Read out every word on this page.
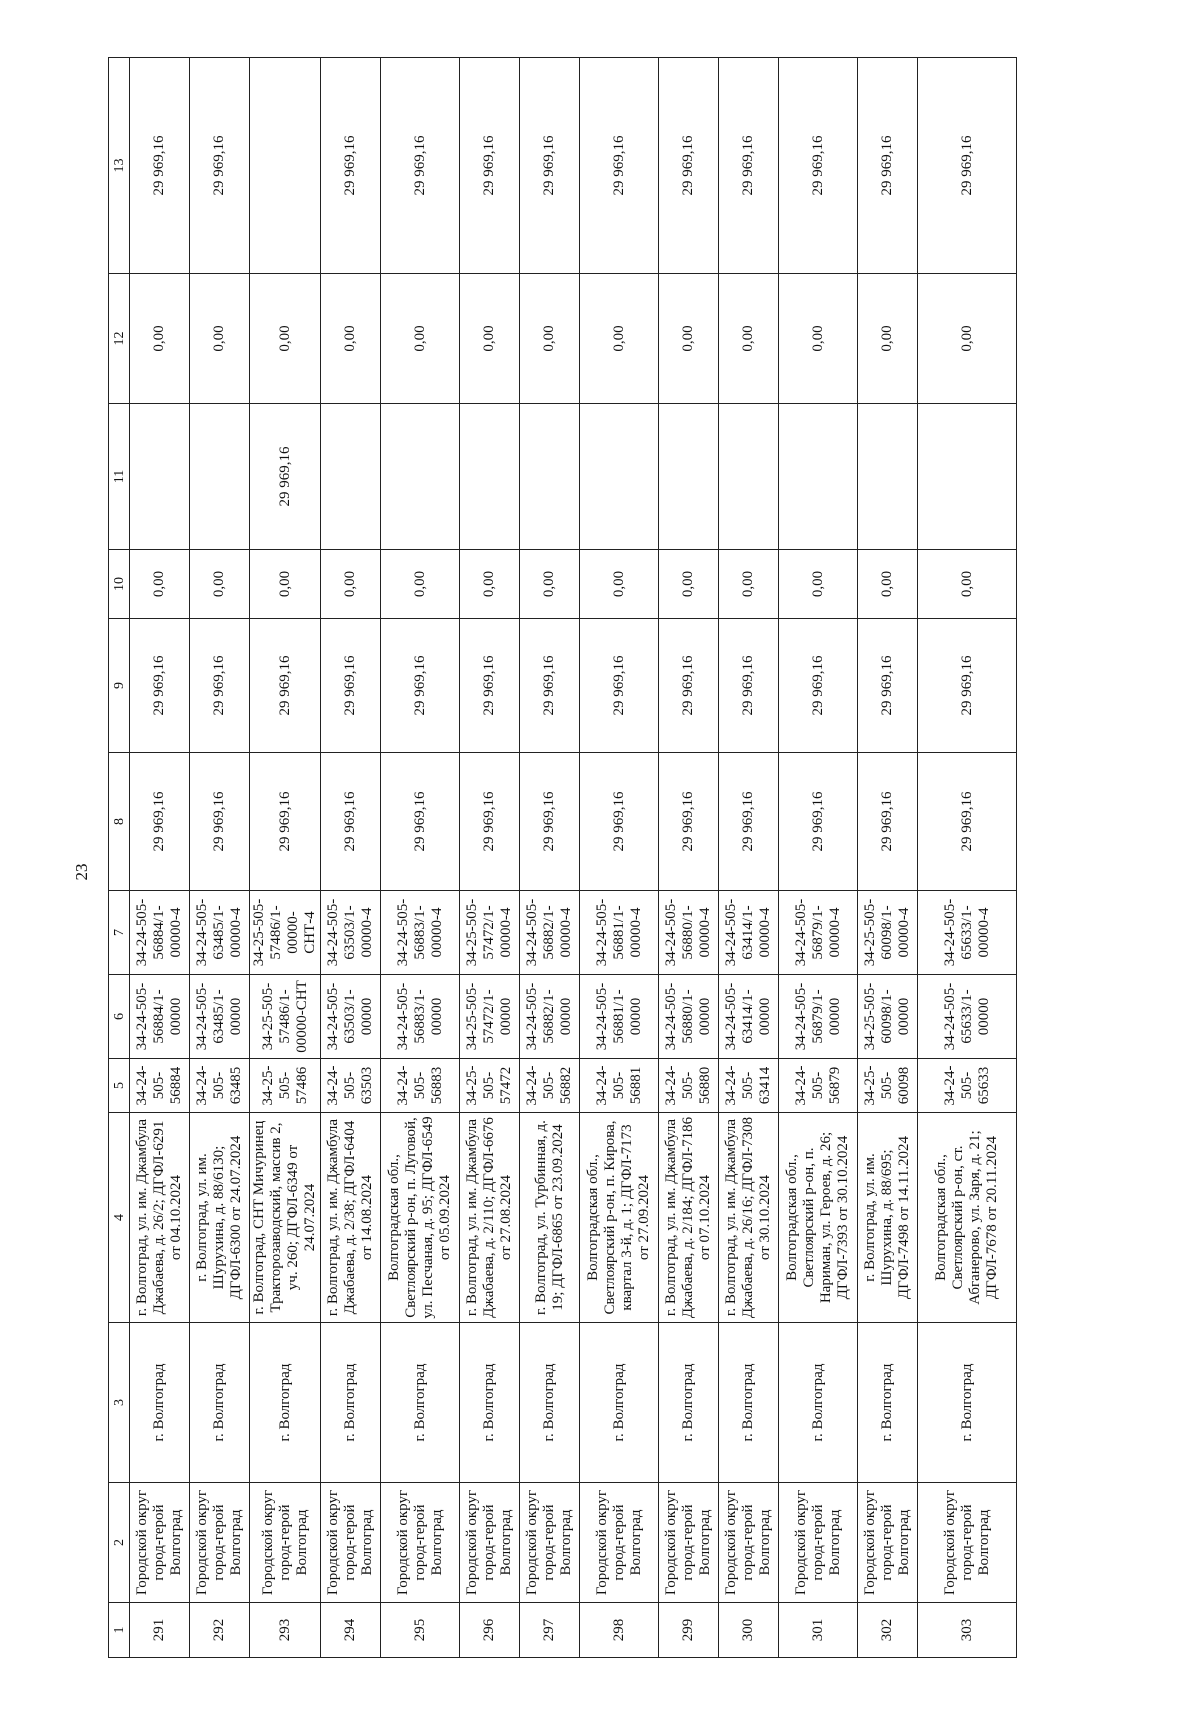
23
1	2	3	4	5	6	7	8	9	10	11	12	13
291	Городской округ город-герой Волгоград	г. Волгоград	г. Волгоград, ул. им. Джамбула Джабаева, д. 26/2; ДГФЛ-6291 от 04.10.2024	34-24-505-56884	34-24-505-56884/1-00000	34-24-505-56884/1-00000-4	29 969,16	29 969,16	0,00		0,00	29 969,16
292	Городской округ город-герой Волгоград	г. Волгоград	г. Волгоград, ул. им. Шурухина, д. 88/6130; ДГФЛ-6300 от 24.07.2024	34-24-505-63485	34-24-505-63485/1-00000	34-24-505-63485/1-00000-4	29 969,16	29 969,16	0,00		0,00	29 969,16
293	Городской округ город-герой Волгоград	г. Волгоград	г. Волгоград, СНТ Мичуринец Тракторозаводский, массив 2, уч. 260; ДГФЛ-6349 от 24.07.2024	34-25-505-57486	34-25-505-57486/1-00000-СНТ	34-25-505-57486/1-00000-СНТ-4	29 969,16	29 969,16	0,00	29 969,16	0,00	
294	Городской округ город-герой Волгоград	г. Волгоград	г. Волгоград, ул. им. Джамбула Джабаева, д. 2/38; ДГФЛ-6404 от 14.08.2024	34-24-505-63503	34-24-505-63503/1-00000	34-24-505-63503/1-00000-4	29 969,16	29 969,16	0,00		0,00	29 969,16
295	Городской округ город-герой Волгоград	г. Волгоград	Волгоградская обл., Светлоярский р-он, п. Луговой, ул. Песчаная, д. 95; ДГФЛ-6549 от 05.09.2024	34-24-505-56883	34-24-505-56883/1-00000	34-24-505-56883/1-00000-4	29 969,16	29 969,16	0,00		0,00	29 969,16
296	Городской округ город-герой Волгоград	г. Волгоград	г. Волгоград, ул. им. Джамбула Джабаева, д. 2/110; ДГФЛ-6676 от 27.08.2024	34-25-505-57472	34-25-505-57472/1-00000	34-25-505-57472/1-00000-4	29 969,16	29 969,16	0,00		0,00	29 969,16
297	Городской округ город-герой Волгоград	г. Волгоград	г. Волгоград, ул. Турбинная, д. 19; ДГФЛ-6865 от 23.09.2024	34-24-505-56882	34-24-505-56882/1-00000	34-24-505-56882/1-00000-4	29 969,16	29 969,16	0,00		0,00	29 969,16
298	Городской округ город-герой Волгоград	г. Волгоград	Волгоградская обл., Светлоярский р-он, п. Кирова, квартал 3-й, д. 1; ДГФЛ-7173 от 27.09.2024	34-24-505-56881	34-24-505-56881/1-00000	34-24-505-56881/1-00000-4	29 969,16	29 969,16	0,00		0,00	29 969,16
299	Городской округ город-герой Волгоград	г. Волгоград	г. Волгоград, ул. им. Джамбула Джабаева, д. 2/184; ДГФЛ-7186 от 07.10.2024	34-24-505-56880	34-24-505-56880/1-00000	34-24-505-56880/1-00000-4	29 969,16	29 969,16	0,00		0,00	29 969,16
300	Городской округ город-герой Волгоград	г. Волгоград	г. Волгоград, ул. им. Джамбула Джабаева, д. 26/16; ДГФЛ-7308 от 30.10.2024	34-24-505-63414	34-24-505-63414/1-00000	34-24-505-63414/1-00000-4	29 969,16	29 969,16	0,00		0,00	29 969,16
301	Городской округ город-герой Волгоград	г. Волгоград	Волгоградская обл., Светлоярский р-он, п. Нариман, ул. Героев, д. 26; ДГФЛ-7393 от 30.10.2024	34-24-505-56879	34-24-505-56879/1-00000	34-24-505-56879/1-00000-4	29 969,16	29 969,16	0,00		0,00	29 969,16
302	Городской округ город-герой Волгоград	г. Волгоград	г. Волгоград, ул. им. Шурухина, д. 88/695; ДГФЛ-7498 от 14.11.2024	34-25-505-60098	34-25-505-60098/1-00000	34-25-505-60098/1-00000-4	29 969,16	29 969,16	0,00		0,00	29 969,16
303	Городской округ город-герой Волгоград	г. Волгоград	Волгоградская обл., Светлоярский р-он, ст. Абганерово, ул. Заря, д. 21; ДГФЛ-7678 от 20.11.2024	34-24-505-65633	34-24-505-65633/1-00000	34-24-505-65633/1-00000-4	29 969,16	29 969,16	0,00		0,00	29 969,16
